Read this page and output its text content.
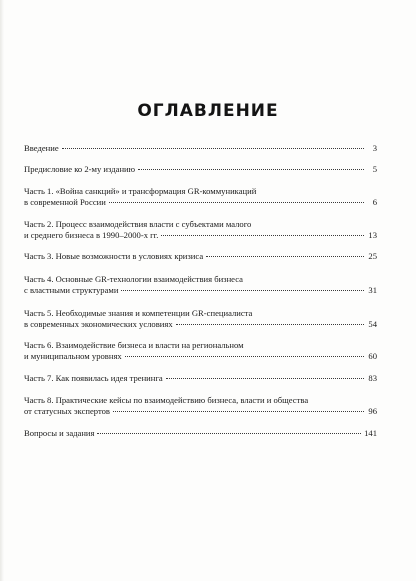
ОГЛАВЛЕНИЕ
Введение	3
Предисловие ко 2-му изданию	5
Часть 1. «Война санкций» и трансформация GR-коммуникаций
в современной России	6
Часть 2. Процесс взаимодействия власти с субъектами малого
и среднего бизнеса в 1990–2000-х гг.	13
Часть 3. Новые возможности в условиях кризиса	25
Часть 4. Основные GR-технологии взаимодействия бизнеса
с властными структурами	31
Часть 5. Необходимые знания и компетенции GR-специалиста
в современных экономических условиях	54
Часть 6. Взаимодействие бизнеса и власти на региональном
и муниципальном уровнях	60
Часть 7. Как появилась идея тренинга	83
Часть 8. Практические кейсы по взаимодействию бизнеса, власти и общества
от статусных экспертов	96
Вопросы и задания	141
